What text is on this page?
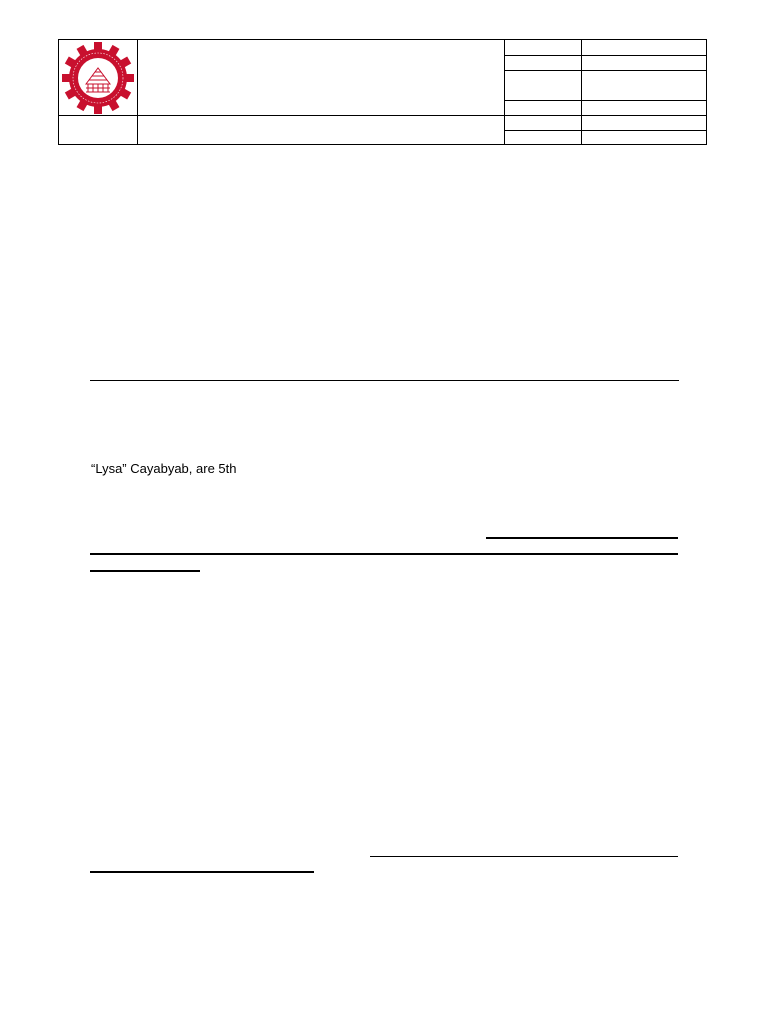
“Lysa” Cayabyab, are 5th
